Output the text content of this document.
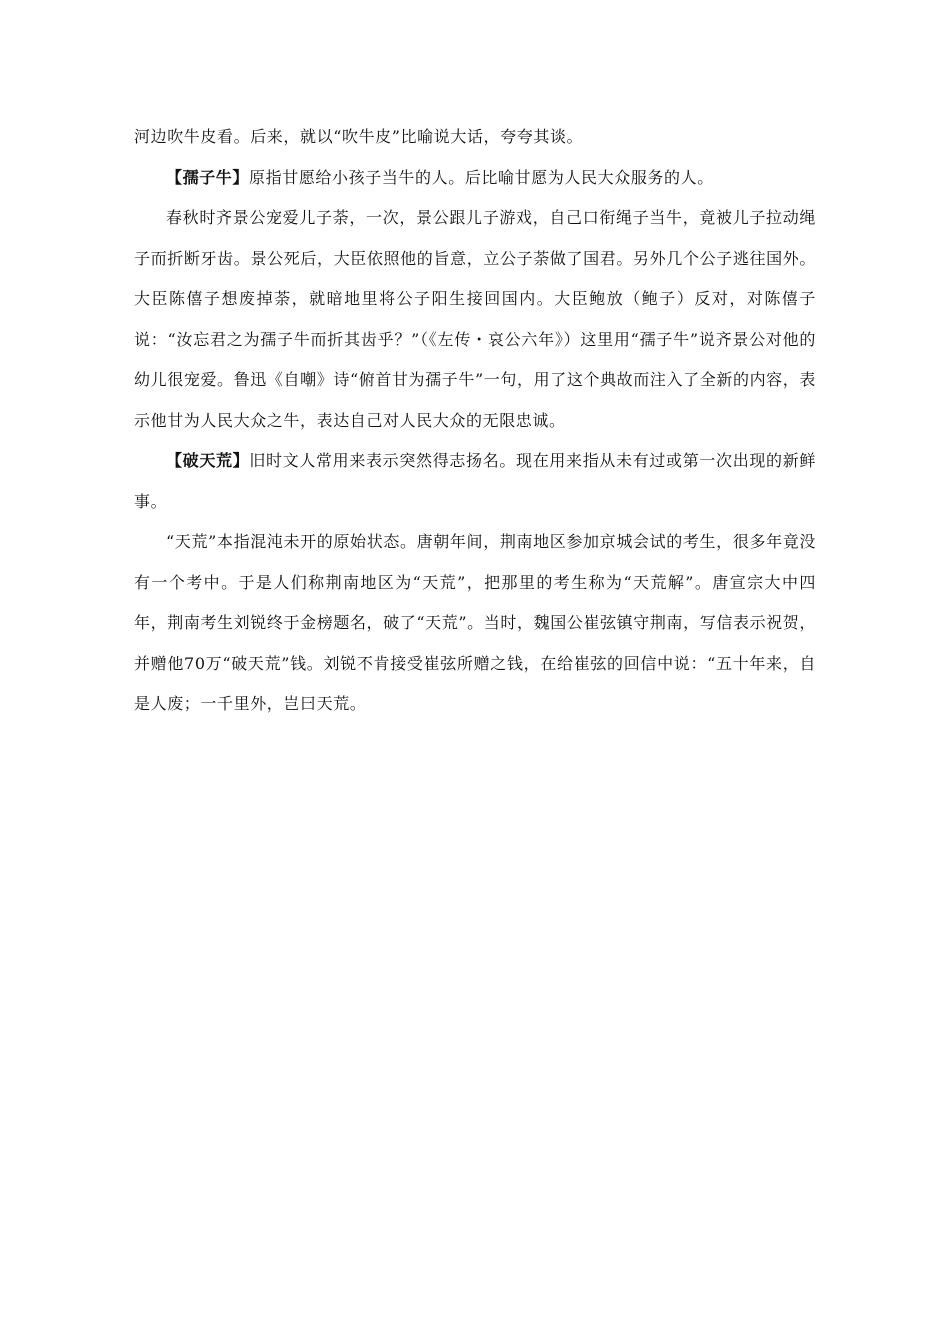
河边吹牛皮看。后来，就以“吹牛皮”比喻说大话，夸夸其谈。

【孺子牛】原指甘愿给小孩子当牛的人。后比喻甘愿为人民大众服务的人。

春秋时齐景公宠爱儿子荼，一次，景公跟儿子游戏，自己口衔绳子当牛，竟被儿子拉动绳子而折断牙齿。景公死后，大臣依照他的旨意，立公子荼做了国君。另外几个公子逃往国外。大臣陈僖子想废掉荼，就暗地里将公子阳生接回国内。大臣鲍放（鲍子）反对，对陈僖子说：“汝忘君之为孺子牛而折其齿乎？”（《左传・哀公六年》）这里用“孺子牛”说齐景公对他的幼儿很宠爱。鲁迅《自嘲》诗“俯首甘为孺子牛”一句，用了这个典故而注入了全新的内容，表示他甘为人民大众之牛，表达自己对人民大众的无限忠诚。

【破天荒】旧时文人常用来表示突然得志扬名。现在用来指从未有过或第一次出现的新鲜事。

“天荒”本指混沌未开的原始状态。唐朝年间，荆南地区参加京城会试的考生，很多年竟没有一个考中。于是人们称荆南地区为“天荒”，把那里的考生称为“天荒解”。唐宣宗大中四年，荆南考生刘锐终于金榜题名，破了“天荒”。当时，魏国公崔弦镇守荆南，写信表示祝贺，并赠他70万“破天荒”钱。刘锐不肯接受崔弦所赠之钱，在给崔弦的回信中说：“五十年来，自是人废；一千里外，岂曰天荒。
